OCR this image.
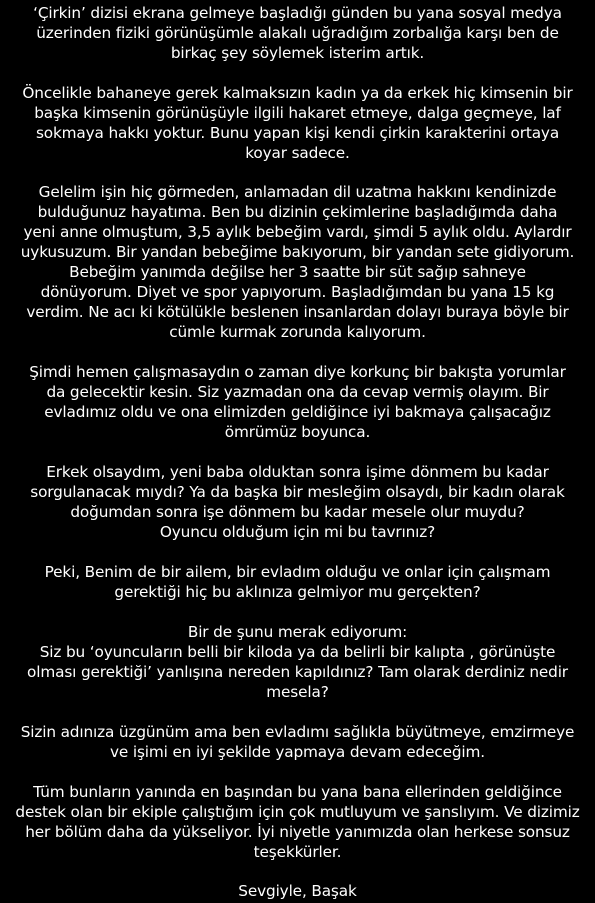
‘Çirkin’ dizisi ekrana gelmeye başladığı günden bu yana sosyal medya
üzerinden fiziki görünüşümle alakalı uğradığım zorbalığa karşı ben de
birkaç şey söylemek isterim artık.

Öncelikle bahaneye gerek kalmaksızın kadın ya da erkek hiç kimsenin bir
başka kimsenin görünüşüyle ilgili hakaret etmeye, dalga geçmeye, laf
sokmaya hakkı yoktur. Bunu yapan kişi kendi çirkin karakterini ortaya
koyar sadece.

Gelelim işin hiç görmeden, anlamadan dil uzatma hakkını kendinizde
bulduğunuz hayatıma. Ben bu dizinin çekimlerine başladığımda daha
yeni anne olmuştum, 3,5 aylık bebeğim vardı, şimdi 5 aylık oldu. Aylardır
uykusuzum. Bir yandan bebeğime bakıyorum, bir yandan sete gidiyorum.
Bebeğim yanımda değilse her 3 saatte bir süt sağıp sahneye
dönüyorum. Diyet ve spor yapıyorum. Başladığımdan bu yana 15 kg
verdim. Ne acı ki kötülükle beslenen insanlardan dolayı buraya böyle bir
cümle kurmak zorunda kalıyorum.

Şimdi hemen çalışmasaydın o zaman diye korkunç bir bakışta yorumlar
da gelecektir kesin. Siz yazmadan ona da cevap vermiş olayım. Bir
evladımız oldu ve ona elimizden geldiğince iyi bakmaya çalışacağız
ömrümüz boyunca.

Erkek olsaydım, yeni baba olduktan sonra işime dönmem bu kadar
sorgulanacak mıydı? Ya da başka bir mesleğim olsaydı, bir kadın olarak
doğumdan sonra işe dönmem bu kadar mesele olur muydu?
Oyuncu olduğum için mi bu tavrınız?

Peki, Benim de bir ailem, bir evladım olduğu ve onlar için çalışmam
gerektiği hiç bu aklınıza gelmiyor mu gerçekten?

Bir de şunu merak ediyorum:
Siz bu ‘oyuncuların belli bir kiloda ya da belirli bir kalıpta , görünüşte
olması gerektiği’ yanlışına nereden kapıldınız? Tam olarak derdiniz nedir
mesela?

Sizin adınıza üzgünüm ama ben evladımı sağlıkla büyütmeye, emzirmeye
ve işimi en iyi şekilde yapmaya devam edeceğim.

Tüm bunların yanında en başından bu yana bana ellerinden geldiğince
destek olan bir ekiple çalıştığım için çok mutluyum ve şanslıyım. Ve dizimiz
her bölüm daha da yükseliyor. İyi niyetle yanımızda olan herkese sonsuz
teşekkürler.

Sevgiyle, Başak
